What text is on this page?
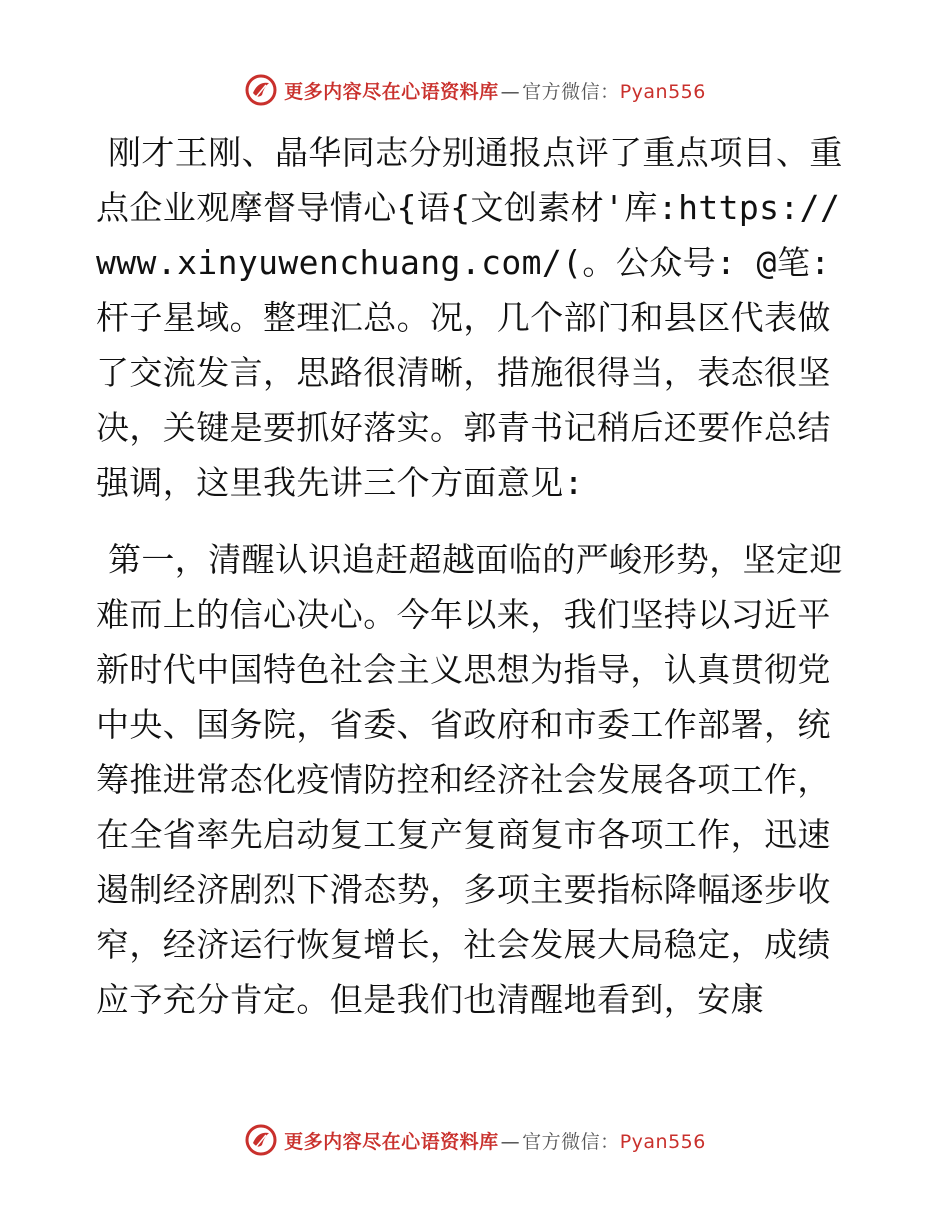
更多内容尽在心语资料库 — 官方微信：Pyan556

刚才王刚、晶华同志分别通报点评了重点项目、重点企业观摩督导情心{语{文创素材'库:https://www.xinyuwenchuang.com/(。公众号: @笔:杆子星域。整理汇总。况，几个部门和县区代表做了交流发言，思路很清晰，措施很得当，表态很坚决，关键是要抓好落实。郭青书记稍后还要作总结强调，这里我先讲三个方面意见:

第一，清醒认识追赶超越面临的严峻形势，坚定迎难而上的信心决心。今年以来，我们坚持以习近平新时代中国特色社会主义思想为指导，认真贯彻党中央、国务院，省委、省政府和市委工作部署，统筹推进常态化疫情防控和经济社会发展各项工作，在全省率先启动复工复产复商复市各项工作，迅速遏制经济剧烈下滑态势，多项主要指标降幅逐步收窄，经济运行恢复增长，社会发展大局稳定，成绩应予充分肯定。但是我们也清醒地看到，安康

更多内容尽在心语资料库 — 官方微信：Pyan556
